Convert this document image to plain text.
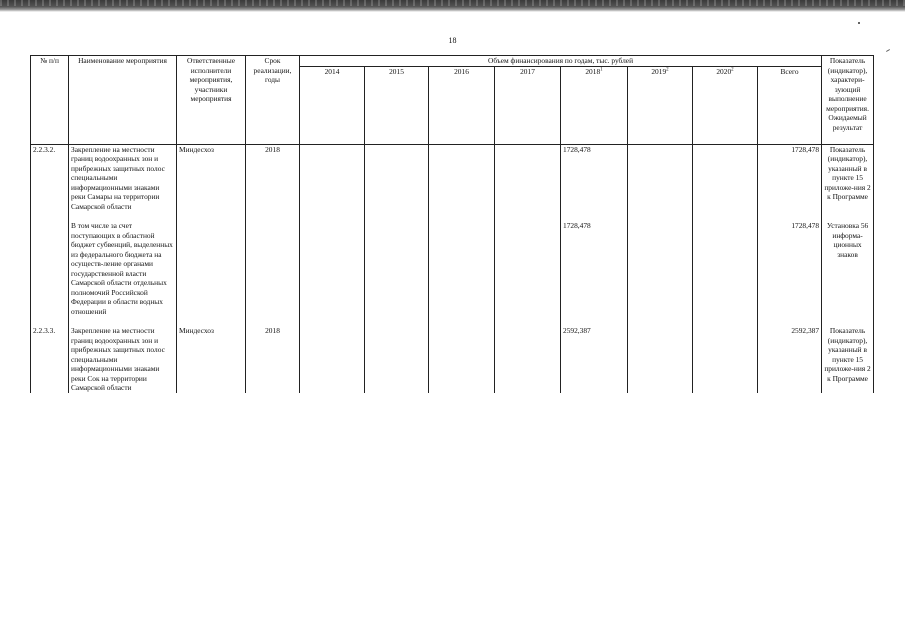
18
№ п/п	Наименование мероприятия	Ответственные исполнители мероприятия, участники мероприятия	Срок реализации, годы	Объем финансирования по годам, тыс. рублей								Показатель (индикатор), характери-зующий выполнение мероприятия. Ожидаемый результат
				2014	2015	2016	2017	2018$^1$	2019$^2$	2020$^2$	Всего	
2.2.3.2.	Закрепление на местности границ водоохранных зон и прибрежных защитных полос специальными информационными знаками реки Самары на территории Самарской области	Миндесхоз	2018					1728,478			1728,478	Показатель (индикатор), указанный в пункте 15 приложе-ния 2 к Программе

	В том числе за счет поступающих в областной бюджет субвенций, выделенных из федерального бюджета на осуществ-ление органами государственной власти Самарской области отдельных полномочий Российской Федерации в области водных отношений							1728,478			1728,478	Установка 56 информа-ционных знаков

2.2.3.3.	Закрепление на местности границ водоохранных зон и прибрежных защитных полос специальными информационными знаками реки Сок на территории Самарской области	Миндесхоз	2018					2592,387			2592,387	Показатель (индикатор), указанный в пункте 15 приложе-ния 2 к Программе
